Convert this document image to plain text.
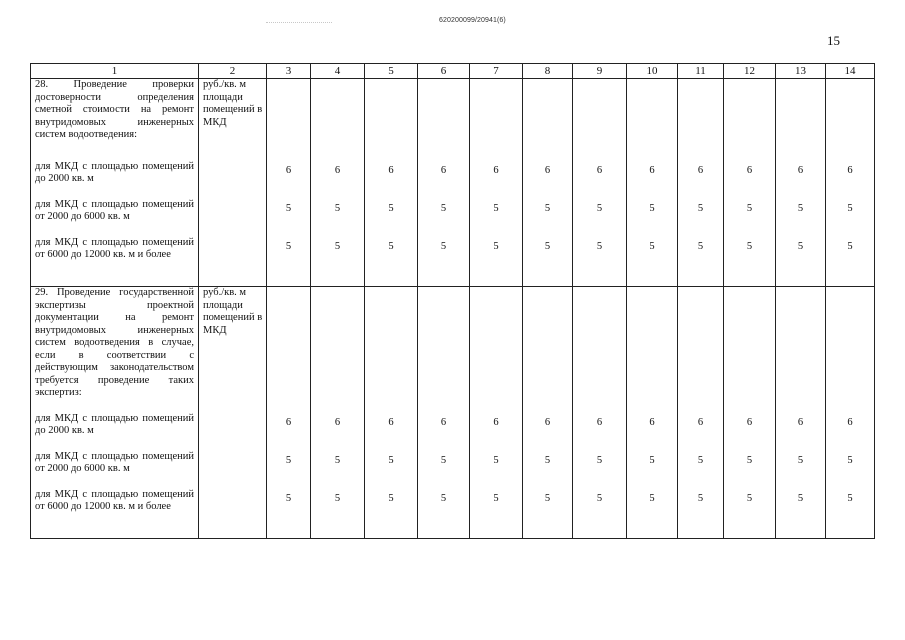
620200099/20941(6)
15
1	2	3	4	5	6	7	8	9	10	11	12	13	14
28. Проведение проверки достоверности определения сметной стоимости на ремонт внутридомовых инженерных систем водоотведения:	руб./кв. м площади помещений в МКД												
для МКД с площадью помещений до 2000 кв. м		6	6	6	6	6	6	6	6	6	6	6	6
для МКД с площадью помещений от 2000 до 6000 кв. м		5	5	5	5	5	5	5	5	5	5	5	5
для МКД с площадью помещений от 6000 до 12000 кв. м и более		5	5	5	5	5	5	5	5	5	5	5	5
29. Проведение государственной экспертизы проектной документации на ремонт внутридомовых инженерных систем водоотведения в случае, если в соответствии с действующим законодательством требуется проведение таких экспертиз:	руб./кв. м площади помещений в МКД												
для МКД с площадью помещений до 2000 кв. м		6	6	6	6	6	6	6	6	6	6	6	6
для МКД с площадью помещений от 2000 до 6000 кв. м		5	5	5	5	5	5	5	5	5	5	5	5
для МКД с площадью помещений от 6000 до 12000 кв. м и более		5	5	5	5	5	5	5	5	5	5	5	5
